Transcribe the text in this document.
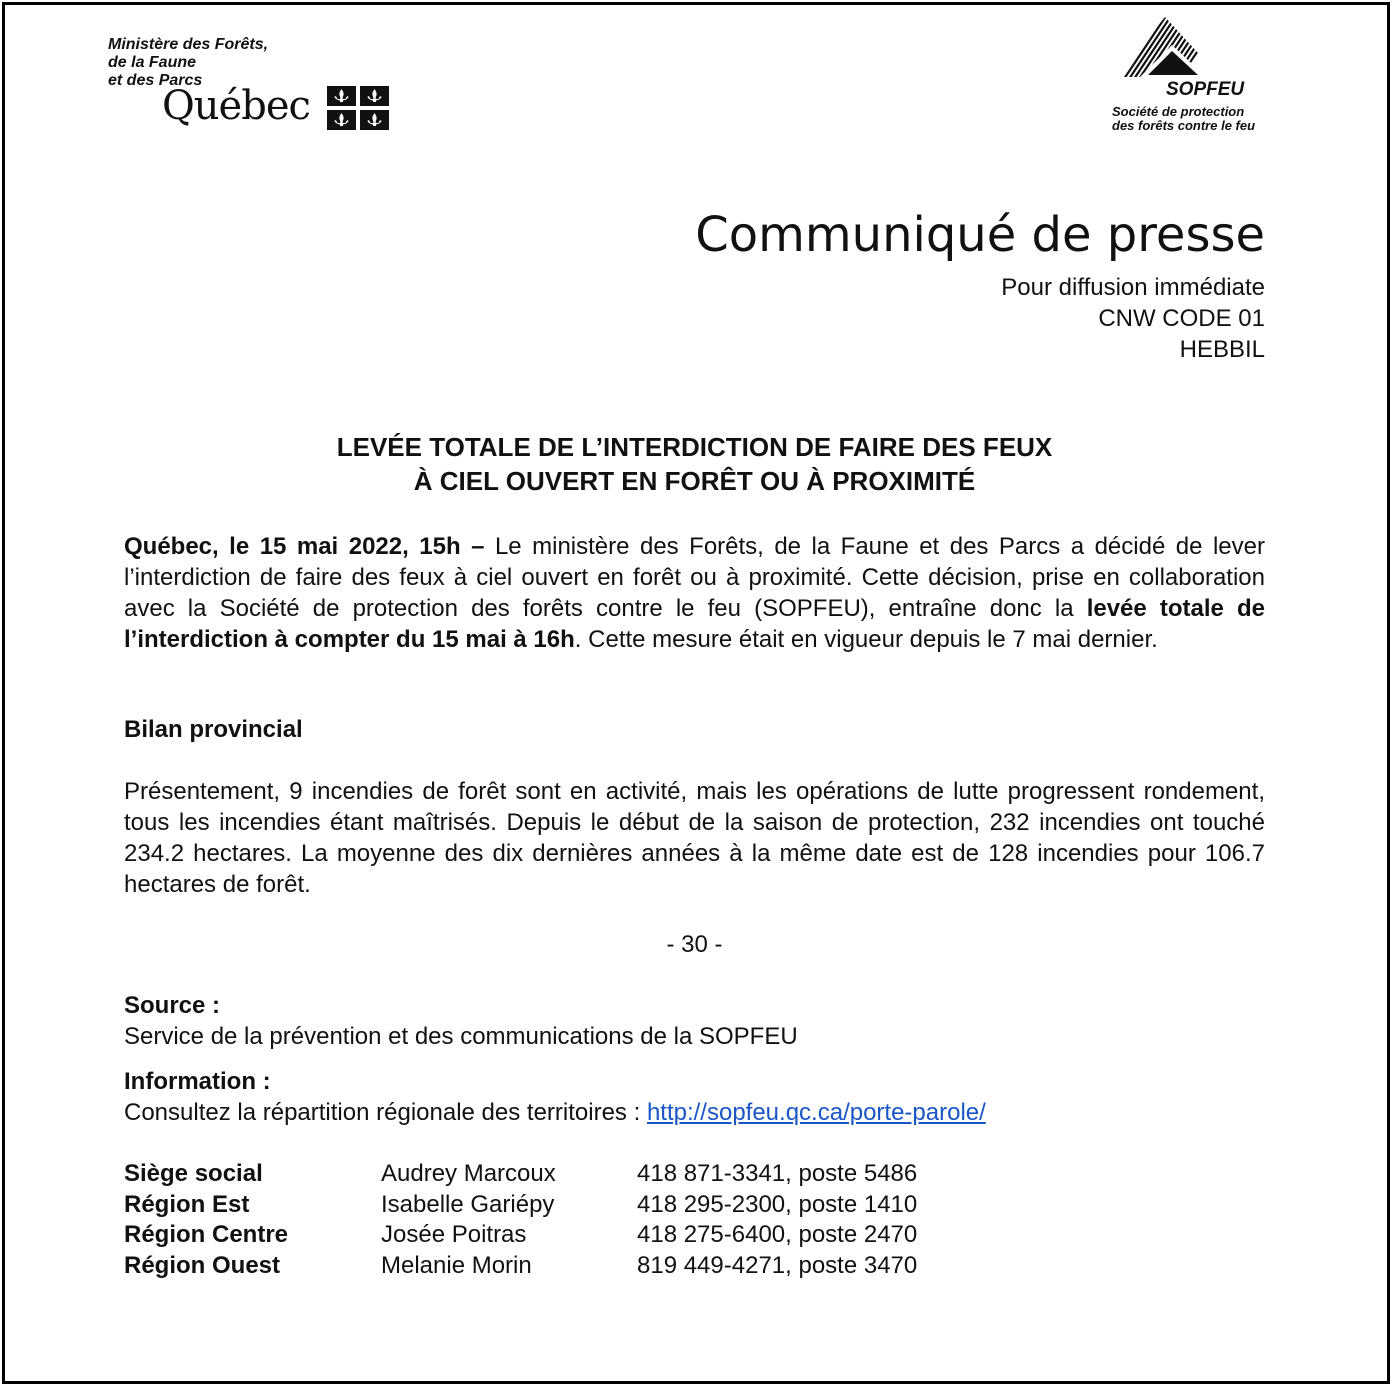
Ministère des Forêts,
de la Faune
et des Parcs
Québec	SOPFEU
Société de protection
des forêts contre le feu
Communiqué de presse
Pour diffusion immédiate
CNW CODE 01
HEBBIL
LEVÉE TOTALE DE L’INTERDICTION DE FAIRE DES FEUX
À CIEL OUVERT EN FORÊT OU À PROXIMITÉ
Québec, le 15 mai 2022, 15h – Le ministère des Forêts, de la Faune et des Parcs a décidé de lever l’interdiction de faire des feux à ciel ouvert en forêt ou à proximité. Cette décision, prise en collaboration avec la Société de protection des forêts contre le feu (SOPFEU), entraîne donc la levée totale de l’interdiction à compter du 15 mai à 16h. Cette mesure était en vigueur depuis le 7 mai dernier.
Bilan provincial
Présentement, 9 incendies de forêt sont en activité, mais les opérations de lutte progressent rondement, tous les incendies étant maîtrisés. Depuis le début de la saison de protection, 232 incendies ont touché 234.2 hectares. La moyenne des dix dernières années à la même date est de 128 incendies pour 106.7 hectares de forêt.
- 30 -
Source :
Service de la prévention et des communications de la SOPFEU
Information :
Consultez la répartition régionale des territoires : http://sopfeu.qc.ca/porte-parole/
Siège social	Audrey Marcoux	418 871-3341, poste 5486
Région Est	Isabelle Gariépy	418 295-2300, poste 1410
Région Centre	Josée Poitras	418 275-6400, poste 2470
Région Ouest	Melanie Morin	819 449-4271, poste 3470
